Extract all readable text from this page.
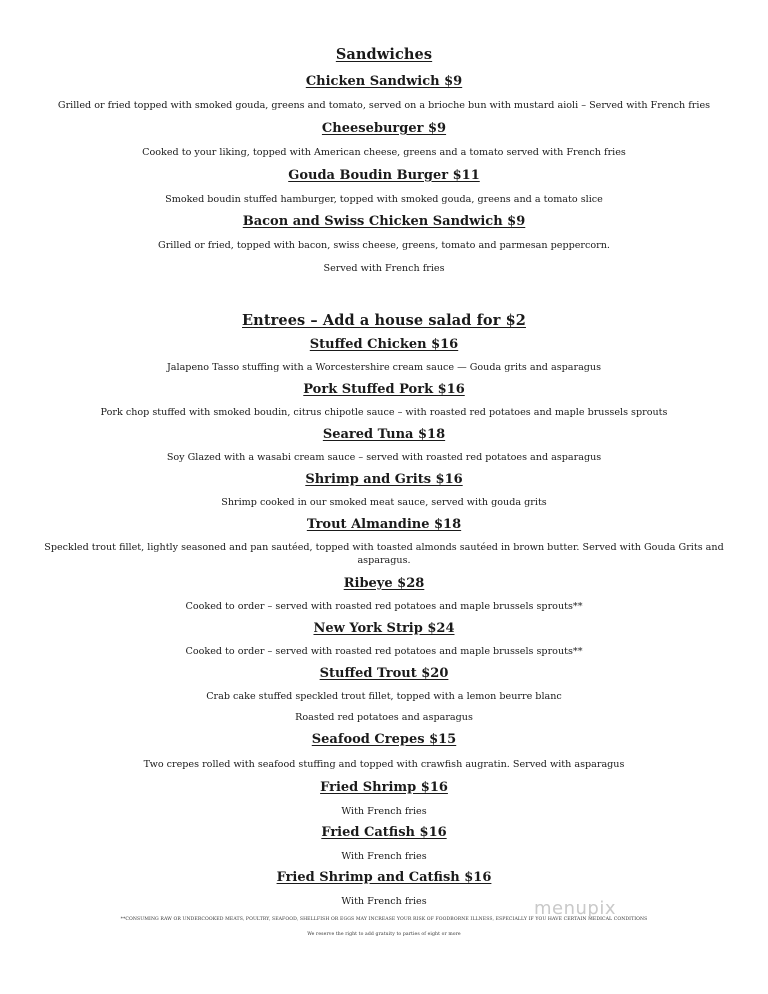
Sandwiches
Chicken Sandwich $9
Grilled or fried topped with smoked gouda, greens and tomato, served on a brioche bun with mustard aioli – Served with French fries
Cheeseburger $9
Cooked to your liking, topped with American cheese, greens and a tomato served with French fries
Gouda Boudin Burger $11
Smoked boudin stuffed hamburger, topped with smoked gouda, greens and a tomato slice
Bacon and Swiss Chicken Sandwich $9
Grilled or fried, topped with bacon, swiss cheese, greens, tomato and parmesan peppercorn.
Served with French fries
Entrees – Add a house salad for $2
Stuffed Chicken $16
Jalapeno Tasso stuffing with a Worcestershire cream sauce — Gouda grits and asparagus
Pork Stuffed Pork $16
Pork chop stuffed with smoked boudin, citrus chipotle sauce – with roasted red potatoes and maple brussels sprouts
Seared Tuna $18
Soy Glazed with a wasabi cream sauce – served with roasted red potatoes and asparagus
Shrimp and Grits $16
Shrimp cooked in our smoked meat sauce, served with gouda grits
Trout Almandine $18
Speckled trout fillet, lightly seasoned and pan sautéed, topped with toasted almonds sautéed in brown butter. Served with Gouda Grits and asparagus.
Ribeye $28
Cooked to order – served with roasted red potatoes and maple brussels sprouts**
New York Strip $24
Cooked to order – served with roasted red potatoes and maple brussels sprouts**
Stuffed Trout $20
Crab cake stuffed speckled trout fillet, topped with a lemon beurre blanc
Roasted red potatoes and asparagus
Seafood Crepes $15
Two crepes rolled with seafood stuffing and topped with crawfish augratin. Served with asparagus
Fried Shrimp $16
With French fries
Fried Catfish $16
With French fries
Fried Shrimp and Catfish $16
With French fries
**CONSUMING RAW OR UNDERCOOKED MEATS, POULTRY, SEAFOOD, SHELLFISH OR EGGS MAY INCREASE YOUR RISK OF FOODBORNE ILLNESS, ESPECIALLY IF YOU HAVE CERTAIN MEDICAL CONDITIONS
We reserve the right to add gratuity to parties of eight or more
menupix
